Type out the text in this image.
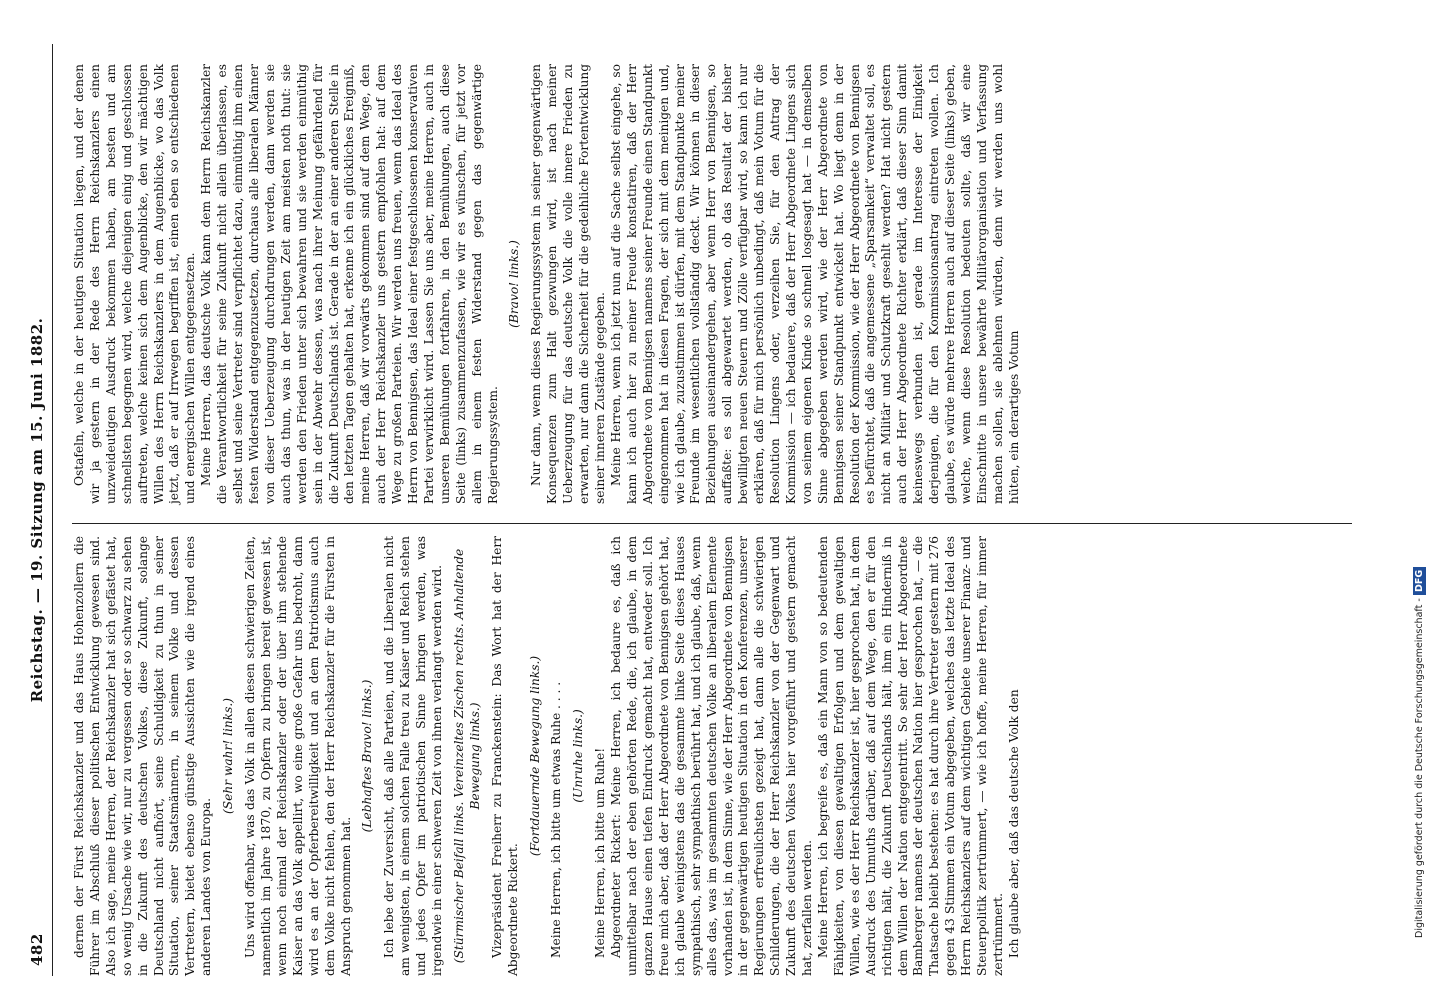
482
Reichstag. — 19. Sitzung am 15. Juni 1882.

dernen der Fürst Reichskanzler und das Haus Hohenzollern die Führer im Abschluß dieser politischen Entwicklung gewesen sind. Also ich sage, meine Herren, der Reichskanzler hat sich gefästet hat, so wenig Ursache wie wir, nur zu vergessen oder so schwarz zu sehen in die Zukunft des deutschen Volkes, diese Zukunft, solange Deutschland nicht aufhört, seine Schuldigkeit zu thun in seiner Situation, seiner Staatsmännern, in seinem Volke und dessen Vertretern, bietet ebenso günstige Aussichten wie die irgend eines anderen Landes von Europa.

(Sehr wahr! links.) Uns wird offenbar, was das Volk in allen diesen schwierigen Zeiten, namentlich im Jahre 1870, zu Opfern zu bringen bereit gewesen ist, wenn noch einmal der Reichskanzler oder der über ihm stehende Kaiser an das Volk appellirt, wo eine große Gefahr uns bedroht, dann wird es an der Opferbereitwilligkeit und an dem Patriotismus auch dem Volke nicht fehlen, den der Herr Reichskanzler für die Fürsten in Anspruch genommen hat.

(Lebhaftes Bravo! links.) Ich lebe der Zuversicht, daß alle Parteien, und die Liberalen nicht am wenigsten, in einem solchen Falle treu zu Kaiser und Reich stehen und jedes Opfer im patriotischen Sinne bringen werden, was irgendwie in einer schweren Zeit von ihnen verlangt werden wird. (Stürmischer Beifall links. Vereinzeltes Zischen rechts. Anhaltende Bewegung links.) Vizepräsident Freiherr zu Franckenstein: Das Wort hat der Herr Abgeordnete Rickert.

(Fortdauernde Bewegung links.) Meine Herren, ich bitte um etwas Ruhe . . . . (Unruhe links.) Meine Herren, ich bitte um Ruhe! Abgeordneter Rickert: Meine Herren, ich bedaure es, daß ich unmittelbar nach der eben gehörten Rede, die, ich glaube, in dem ganzen Hause einen tiefen Eindruck gemacht hat, entweder soll. Ich freue mich aber, daß der Herr Abgeordnete von Bennigsen gehört hat, ich glaube weinigstens das die gesammte linke Seite dieses Hauses sympathisch, sehr sympathisch berührt hat, und ich glaube, daß, wenn alles das, was im gesammten deutschen Volke an liberalem Elemente vorhanden ist, in dem Sinne, wie der Herr Abgeordnete von Bennigsen in der gegenwärtigen heutigen Situation in den Konferenzen, unserer Regierungen erfreulichsten gezeigt hat, dann alle die schwierigen Schilderungen, die der Herr Reichskanzler von der Gegenwart und Zukunft des deutschen Volkes hier vorgeführt und gestern gemacht hat, zerfallen werden. Meine Herren, ich begreife es, daß ein Mann von so bedeutenden Fähigkeiten, von diesen gewaltigen Erfolgen und dem gewaltigen Willen, wie es der Herr Reichskanzler ist, hier gesprochen hat, in dem Ausdruck des Unmuths darüber, daß auf dem Wege, den er für den richtigen hält, die Zukunft Deutschlands hält, ihm ein Hinderniß in dem Willen der Nation entgegentritt. So sehr der Herr Abgeordnete Bamberger namens der deutschen Nation hier gesprochen hat, — die Thatsache bleibt bestehen: es hat durch ihre Vertreter gestern mit 276 gegen 43 Stimmen ein Votum abgegeben, welches das letzte Ideal des Herrn Reichskanzlers auf dem wichtigen Gebiete unserer Finanz- und Steuerpolitik zertrümmert, — wie ich hoffe, meine Herren, für immer zertrümmert. Ich glaube aber, daß das deutsche Volk den

Ostafeln, welche in der heutigen Situation liegen, und der denen wir ja gestern in der Rede des Herrn Reichskanzlers einen unzweideutigen Ausdruck bekommen haben, am besten und am schnellsten begegnen wird, welche diejenigen einig und geschlossen auftreten, welche keinen sich dem Augenblicke, den wir mächtigen Willen des Herrn Reichskanzlers in dem Augenblicke, wo das Volk jetzt, daß er auf Irrwegen begriffen ist, einen eben so entschiedenen und energischen Willen entgegensetzen. Meine Herren, das deutsche Volk kann dem Herrn Reichskanzler die Verantwortlichkeit für seine Zukunft nicht allein überlassen, es selbst und seine Vertreter sind verpflichtet dazu, einmüthig ihm einen festen Widerstand entgegenzusetzen, durchaus alle liberalen Männer von dieser Ueberzeugung durchdrungen werden, dann werden sie auch das thun, was in der heutigen Zeit am meisten noth thut: sie werden den Frieden unter sich bewahren und sie werden einmüthig sein in der Abwehr dessen, was nach ihrer Meinung gefährdend für die Zukunft Deutschlands ist. Gerade in der an einer anderen Stelle in den letzten Tagen gehalten hat, erkenne ich ein glückliches Ereigniß, meine Herren, daß wir vorwärts gekommen sind auf dem Wege, den auch der Herr Reichskanzler uns gestern empfohlen hat: auf dem Wege zu großen Parteien. Wir werden uns freuen, wenn das Ideal des Herrn von Bennigsen, das Ideal einer festgeschlossenen konservativen Partei verwirklicht wird. Lassen Sie uns aber, meine Herren, auch in unseren Bemühungen fortfahren, in den Bemühungen, auch diese Seite (links) zusammenzufassen, wie wir es wünschen, für jetzt vor allem in einem festen Widerstand gegen das gegenwärtige Regierungssystem.

(Bravo! links.) Nur dann, wenn dieses Regierungssystem in seiner gegenwärtigen Konsequenzen zum Halt gezwungen wird, ist nach meiner Ueberzeugung für das deutsche Volk die volle innere Frieden zu erwarten, nur dann die Sicherheit für die gedeihliche Fortentwicklung seiner inneren Zustände gegeben. Meine Herren, wenn ich jetzt nun auf die Sache selbst eingehe, so kann ich auch hier zu meiner Freude konstatiren, daß der Herr Abgeordnete von Bennigsen namens seiner Freunde einen Standpunkt eingenommen hat in diesen Fragen, der sich mit dem meinigen und, wie ich glaube, zuzustimmen ist dürfen, mit dem Standpunkte meiner Freunde im wesentlichen vollständig deckt. Wir können in dieser Beziehungen auseinandergehen, aber wenn Herr von Bennigsen, so auffaßte: es soll abgewartet werden, ob das Resultat der bisher bewilligten neuen Steuern und Zölle verfügbar wird, so kann ich nur erklären, daß für mich persönlich unbedingt, daß mein Votum für die Resolution Lingens oder, verzeihen Sie, für den Antrag der Kommission — ich bedauere, daß der Herr Abgeordnete Lingens sich von seinem eigenen Kinde so schnell losgesagt hat — in demselben Sinne abgegeben werden wird, wie der Herr Abgeordnete von Bennigsen seiner Standpunkt entwickelt hat. Wo liegt denn in der Resolution der Kommission, wie der Herr Abgeordnete von Bennigsen es befürchtet, daß die angemessene „Sparsamkeit“ verwaltet soll, es nicht an Militär und Schutzkraft gesehlt werden? Hat nicht gestern auch der Herr Abgeordnete Richter erklärt, daß dieser Sinn damit keineswegs verbunden ist, gerade im Interesse der Einigkeit derjenigen, die für den Kommissionsantrag eintreten wollen. Ich glaube, es würde mehrere Herren auch auf dieser Seite (links) geben, welche, wenn diese Resolution bedeuten sollte, daß wir eine Einschnitte in unsere bewährte Militärorganisation und Verfassung machen sollen, sie ablehnen würden, denn wir werden uns wohl hüten, ein derartiges Votum

Digitalisierung gefördert durch die Deutsche Forschungsgemeinschaft - DFG
